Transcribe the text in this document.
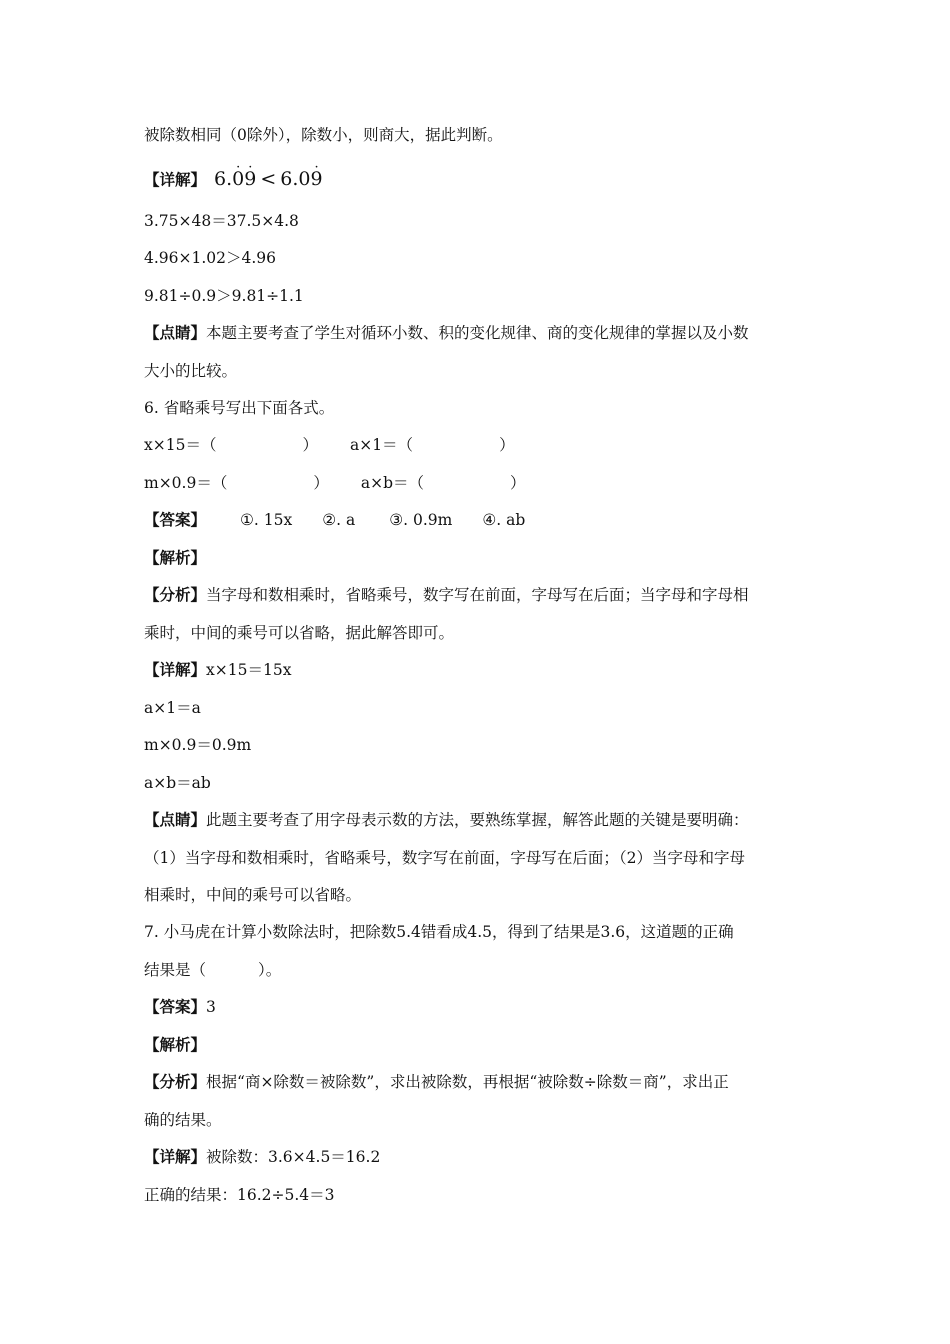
被除数相同（0除外），除数小，则商大，据此判断。
【详解】 6.· 0· 9 < 6.0· 9
3.75×48＝37.5×4.8
4.96×1.02＞4.96
9.81÷0.9＞9.81÷1.1
【点睛】本题主要考查了学生对循环小数、积的变化规律、商的变化规律的掌握以及小数
大小的比较。
6. 省略乘号写出下面各式。
x×15＝（	） a×1＝（	）
m×0.9＝（	） a×b＝（	）
【答案】 ①. 15x ②. a ③. 0.9m ④. ab
【解析】
【分析】当字母和数相乘时，省略乘号，数字写在前面，字母写在后面；当字母和字母相
乘时，中间的乘号可以省略，据此解答即可。
【详解】x×15＝15x
a×1＝a
m×0.9＝0.9m
a×b＝ab
【点睛】此题主要考查了用字母表示数的方法，要熟练掌握，解答此题的关键是要明确：
（1）当字母和数相乘时，省略乘号，数字写在前面，字母写在后面；（2）当字母和字母
相乘时，中间的乘号可以省略。
7. 小马虎在计算小数除法时，把除数5.4错看成4.5，得到了结果是3.6，这道题的正确
结果是（	）。
【答案】3
【解析】
【分析】根据“商×除数＝被除数”，求出被除数，再根据“被除数÷除数＝商”，求出正
确的结果。
【详解】被除数：3.6×4.5＝16.2
正确的结果：16.2÷5.4＝3
